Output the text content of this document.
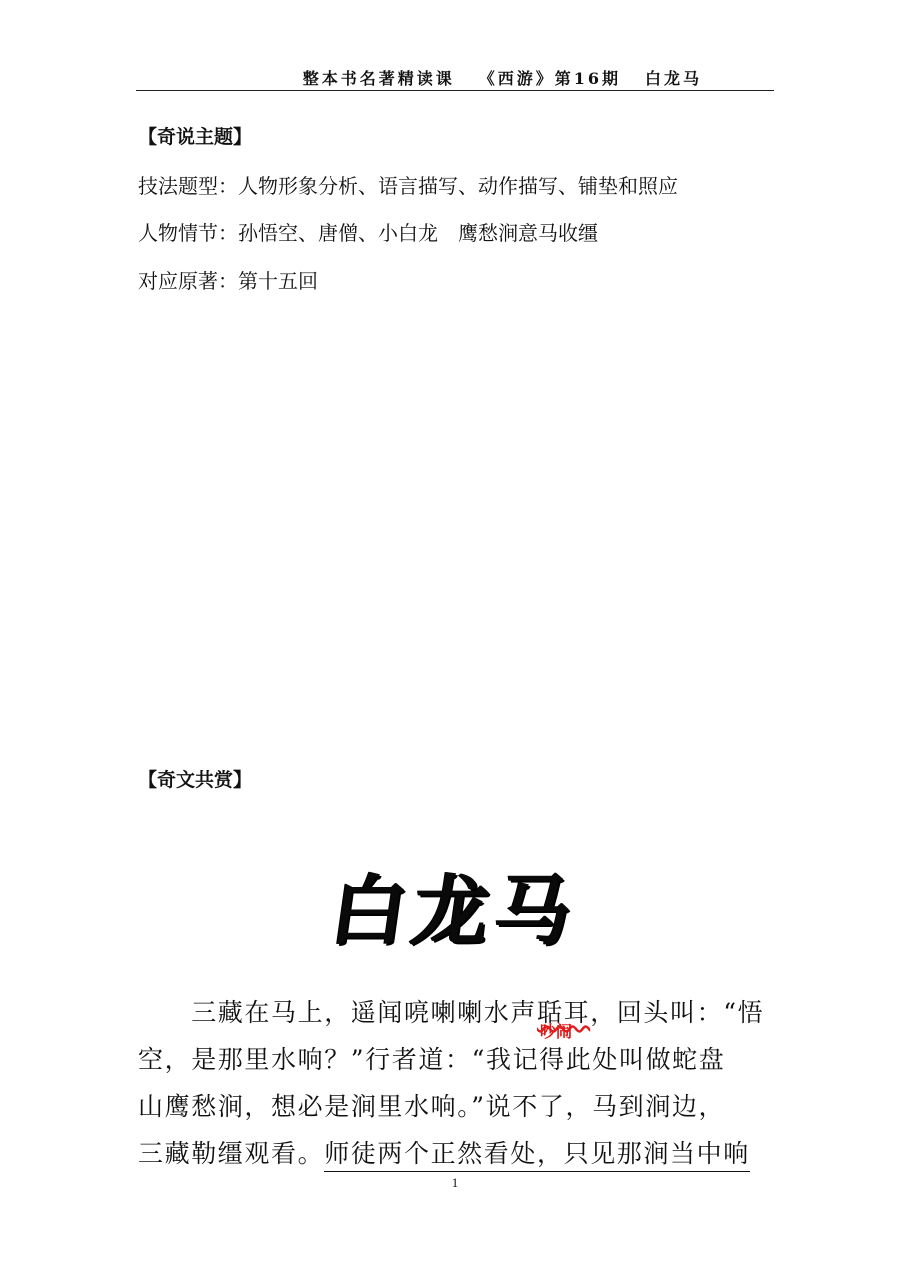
整本书名著精读课 《西游》第16期 白龙马
【奇说主题】
技法题型：人物形象分析、语言描写、动作描写、铺垫和照应
人物情节：孙悟空、唐僧、小白龙　鹰愁涧意马收缰
对应原著：第十五回
【奇文共赏】
白龙马
　　三藏在马上，遥闻喨喇喇水声聒耳，回头叫：“悟
吵闹
空，是那里水响？”行者道：“我记得此处叫做蛇盘
山鹰愁涧，想必是涧里水响。”说不了，马到涧边，
三藏勒缰观看。师徒两个正然看处，只见那涧当中响
1
